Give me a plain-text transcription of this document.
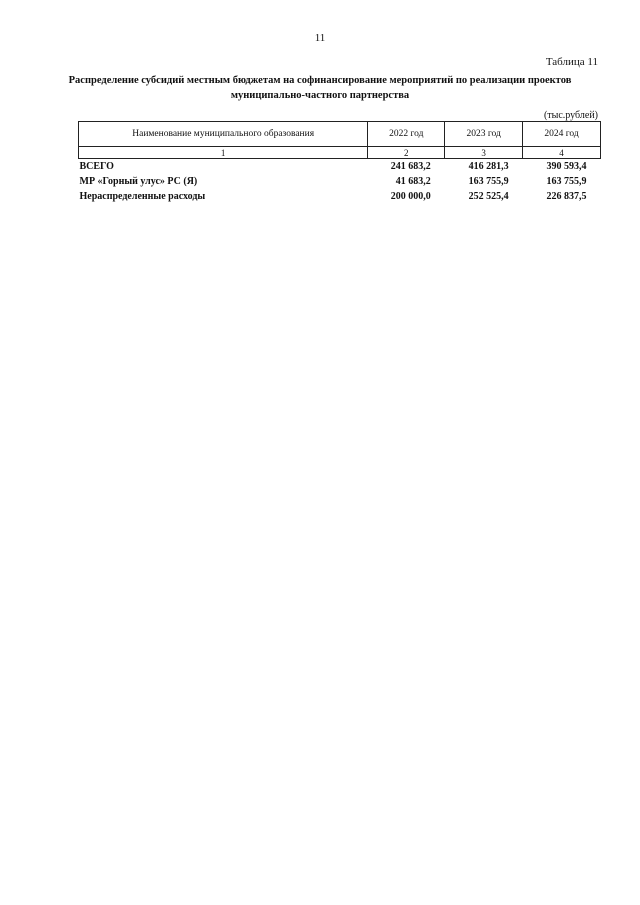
11
Таблица 11
Распределение субсидий местным бюджетам на софинансирование мероприятий по реализации проектов муниципально-частного партнерства
(тыс.рублей)
Наименование муниципального образования	2022 год	2023 год	2024 год
1	2	3	4
ВСЕГО	241 683,2	416 281,3	390 593,4
МР «Горный улус» РС (Я)	41 683,2	163 755,9	163 755,9
Нераспределенные расходы	200 000,0	252 525,4	226 837,5
